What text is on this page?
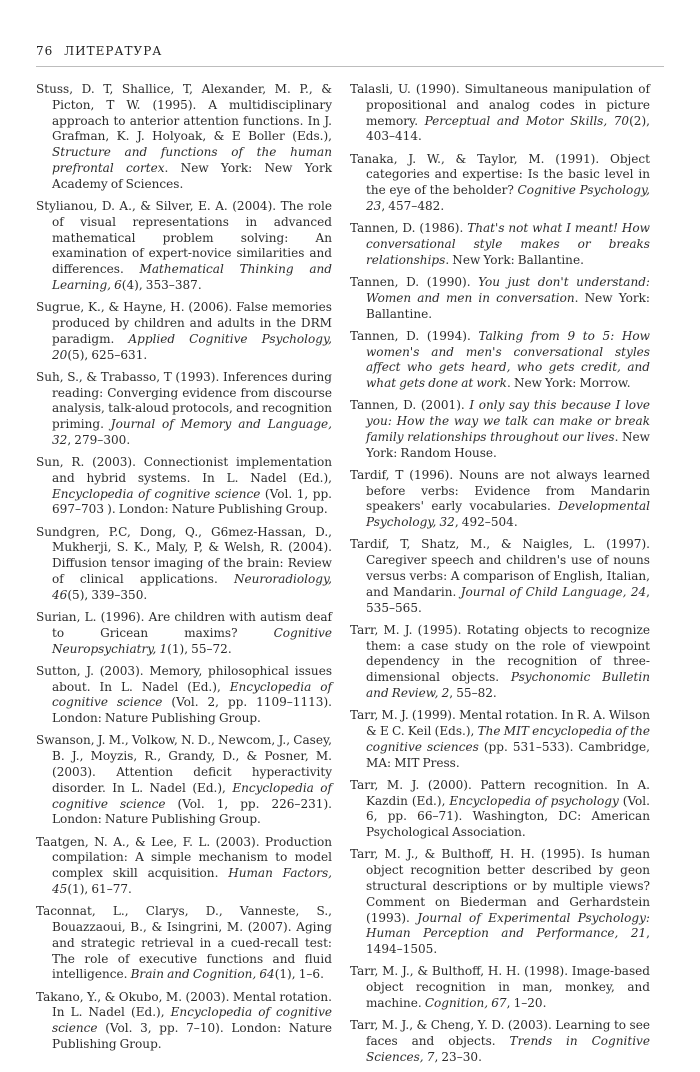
76 ЛИТЕРАТУРА

Stuss, D. T, Shallice, T, Alexander, M. P., & Picton, T W. (1995). A multidisciplinary approach to anterior attention functions. In J. Grafman, K. J. Holyoak, & E Boller (Eds.), Structure and functions of the human prefrontal cortex. New York: New York Academy of Sciences.

Stylianou, D. A., & Silver, E. A. (2004). The role of visual representations in advanced mathematical problem solving: An examination of expert-novice similarities and differences. Mathematical Thinking and Learning, 6(4), 353–387.

Sugrue, K., & Hayne, H. (2006). False memories produced by children and adults in the DRM paradigm. Applied Cognitive Psychology, 20(5), 625–631.

Suh, S., & Trabasso, T (1993). Inferences during reading: Converging evidence from discourse analysis, talk-aloud protocols, and recognition priming. Journal of Memory and Language, 32, 279–300.

Sun, R. (2003). Connectionist implementation and hybrid systems. In L. Nadel (Ed.), Encyclopedia of cognitive science (Vol. 1, pp. 697–703 ). London: Nature Publishing Group.

Sundgren, P.C, Dong, Q., G6mez-Hassan, D., Mukherji, S. K., Maly, P, & Welsh, R. (2004). Diffusion tensor imaging of the brain: Review of clinical applications. Neuroradiology, 46(5), 339–350.

Surian, L. (1996). Are children with autism deaf to Gricean maxims? Cognitive Neuropsychiatry, 1(1), 55–72.

Sutton, J. (2003). Memory, philosophical issues about. In L. Nadel (Ed.), Encyclopedia of cognitive science (Vol. 2, pp. 1109–1113). London: Nature Publishing Group.

Swanson, J. M., Volkow, N. D., Newcom, J., Casey, B. J., Moyzis, R., Grandy, D., & Posner, M. (2003). Attention deficit hyperactivity disorder. In L. Nadel (Ed.), Encyclopedia of cognitive science (Vol. 1, pp. 226–231). London: Nature Publishing Group.

Taatgen, N. A., & Lee, F. L. (2003). Production compilation: A simple mechanism to model complex skill acquisition. Human Factors, 45(1), 61–77.

Taconnat, L., Clarys, D., Vanneste, S., Bouazzaoui, B., & Isingrini, M. (2007). Aging and strategic retrieval in a cued-recall test: The role of executive functions and fluid intelligence. Brain and Cognition, 64(1), 1–6.

Takano, Y., & Okubo, M. (2003). Mental rotation. In L. Nadel (Ed.), Encyclopedia of cognitive science (Vol. 3, pp. 7–10). London: Nature Publishing Group.

Talasli, U. (1990). Simultaneous manipulation of propositional and analog codes in picture memory. Perceptual and Motor Skills, 70(2), 403–414.

Tanaka, J. W., & Taylor, M. (1991). Object categories and expertise: Is the basic level in the eye of the beholder? Cognitive Psychology, 23, 457–482.

Tannen, D. (1986). That's not what I meant! How conversational style makes or breaks relationships. New York: Ballantine.

Tannen, D. (1990). You just don't understand: Women and men in conversation. New York: Ballantine.

Tannen, D. (1994). Talking from 9 to 5: How women's and men's conversational styles affect who gets heard, who gets credit, and what gets done at work. New York: Morrow.

Tannen, D. (2001). I only say this because I love you: How the way we talk can make or break family relationships throughout our lives. New York: Random House.

Tardif, T (1996). Nouns are not always learned before verbs: Evidence from Mandarin speakers' early vocabularies. Developmental Psychology, 32, 492–504.

Tardif, T, Shatz, M., & Naigles, L. (1997). Caregiver speech and children's use of nouns versus verbs: A comparison of English, Italian, and Mandarin. Journal of Child Language, 24, 535–565.

Tarr, M. J. (1995). Rotating objects to recognize them: a case study on the role of viewpoint dependency in the recognition of three-dimensional objects. Psychonomic Bulletin and Review, 2, 55–82.

Tarr, M. J. (1999). Mental rotation. In R. A. Wilson & E C. Keil (Eds.), The MIT encyclopedia of the cognitive sciences (pp. 531–533). Cambridge, MA: MIT Press.

Tarr, M. J. (2000). Pattern recognition. In A. Kazdin (Ed.), Encyclopedia of psychology (Vol. 6, pp. 66–71). Washington, DC: American Psychological Association.

Tarr, M. J., & Bulthoff, H. H. (1995). Is human object recognition better described by geon structural descriptions or by multiple views? Comment on Biederman and Gerhardstein (1993). Journal of Experimental Psychology: Human Perception and Performance, 21, 1494–1505.

Tarr, M. J., & Bulthoff, H. H. (1998). Image-based object recognition in man, monkey, and machine. Cognition, 67, 1–20.

Tarr, M. J., & Cheng, Y. D. (2003). Learning to see faces and objects. Trends in Cognitive Sciences, 7, 23–30.
